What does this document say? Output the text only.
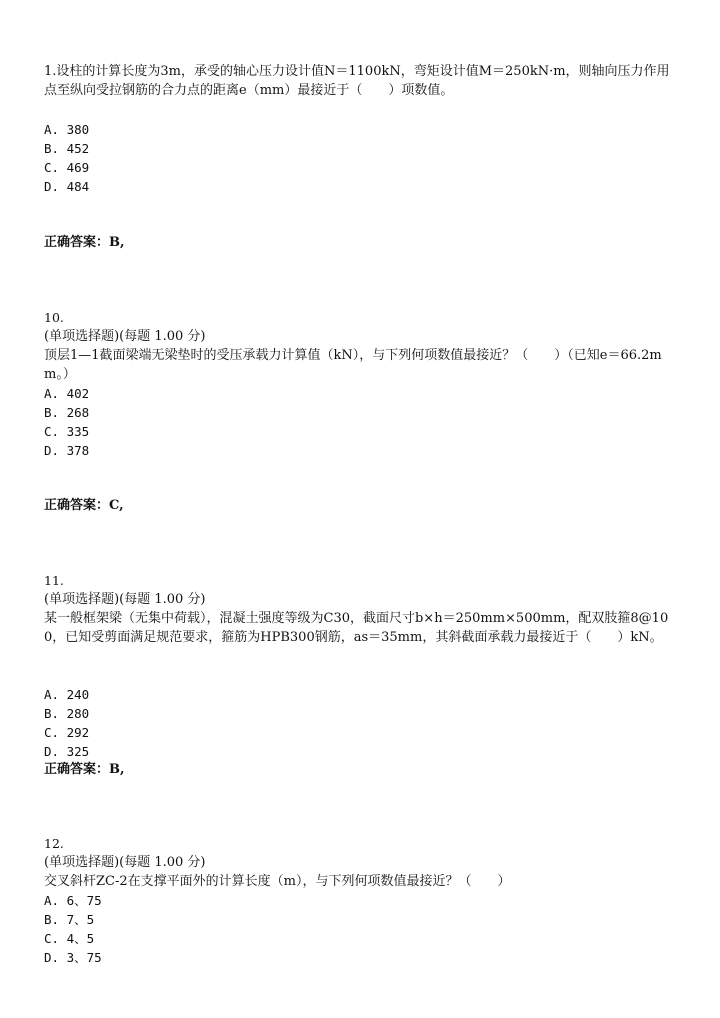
1.设柱的计算长度为3m，承受的轴心压力设计值N＝1100kN，弯矩设计值M＝250kN·m，则轴向压力作用点至纵向受拉钢筋的合力点的距离e（mm）最接近于（　　）项数值。
A. 380
B. 452
C. 469
D. 484
正确答案：B,
10.
(单项选择题)(每题 1.00 分)
顶层1—1截面梁端无梁垫时的受压承载力计算值（kN），与下列何项数值最接近？（　　）（已知e＝66.2mm。）
A. 402
B. 268
C. 335
D. 378
正确答案：C,
11.
(单项选择题)(每题 1.00 分)
某一般框架梁（无集中荷载），混凝土强度等级为C30，截面尺寸b×h＝250mm×500mm，配双肢箍8@100，已知受剪面满足规范要求，箍筋为HPB300钢筋，as＝35mm，其斜截面承载力最接近于（　　）kN。
A. 240
B. 280
C. 292
D. 325
正确答案：B,
12.
(单项选择题)(每题 1.00 分)
交叉斜杆ZC-2在支撑平面外的计算长度（m），与下列何项数值最接近？（　　）
A. 6、75
B. 7、5
C. 4、5
D. 3、75
